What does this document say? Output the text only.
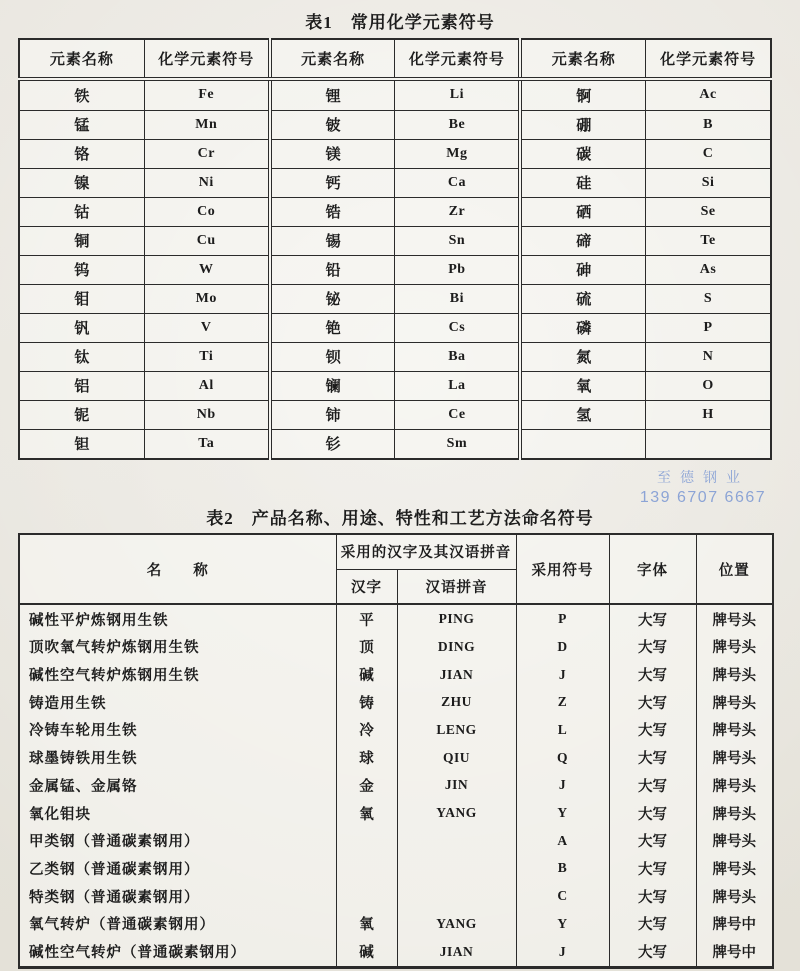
表1　常用化学元素符号
元素名称	化学元素符号	元素名称	化学元素符号	元素名称	化学元素符号
铁	Fe	锂	Li	锕	Ac
锰	Mn	铍	Be	硼	B
铬	Cr	镁	Mg	碳	C
镍	Ni	钙	Ca	硅	Si
钴	Co	锆	Zr	硒	Se
铜	Cu	锡	Sn	碲	Te
钨	W	铅	Pb	砷	As
钼	Mo	铋	Bi	硫	S
钒	V	铯	Cs	磷	P
钛	Ti	钡	Ba	氮	N
铝	Al	镧	La	氧	O
铌	Nb	铈	Ce	氢	H
钽	Ta	钐	Sm		
至德钢业
139 6707 6667
表2　产品名称、用途、特性和工艺方法命名符号
名　　称	采用的汉字及其汉语拼音		采用符号	字体	位置
	汉字	汉语拼音			
碱性平炉炼钢用生铁	平	PING	P	大写	牌号头
顶吹氧气转炉炼钢用生铁	顶	DING	D	大写	牌号头
碱性空气转炉炼钢用生铁	碱	JIAN	J	大写	牌号头
铸造用生铁	铸	ZHU	Z	大写	牌号头
冷铸车轮用生铁	冷	LENG	L	大写	牌号头
球墨铸铁用生铁	球	QIU	Q	大写	牌号头
金属锰、金属铬	金	JIN	J	大写	牌号头
氧化钼块	氧	YANG	Y	大写	牌号头
甲类钢（普通碳素钢用）			A	大写	牌号头
乙类钢（普通碳素钢用）			B	大写	牌号头
特类钢（普通碳素钢用）			C	大写	牌号头
氧气转炉（普通碳素钢用）	氧	YANG	Y	大写	牌号中
碱性空气转炉（普通碳素钢用）	碱	JIAN	J	大写	牌号中
